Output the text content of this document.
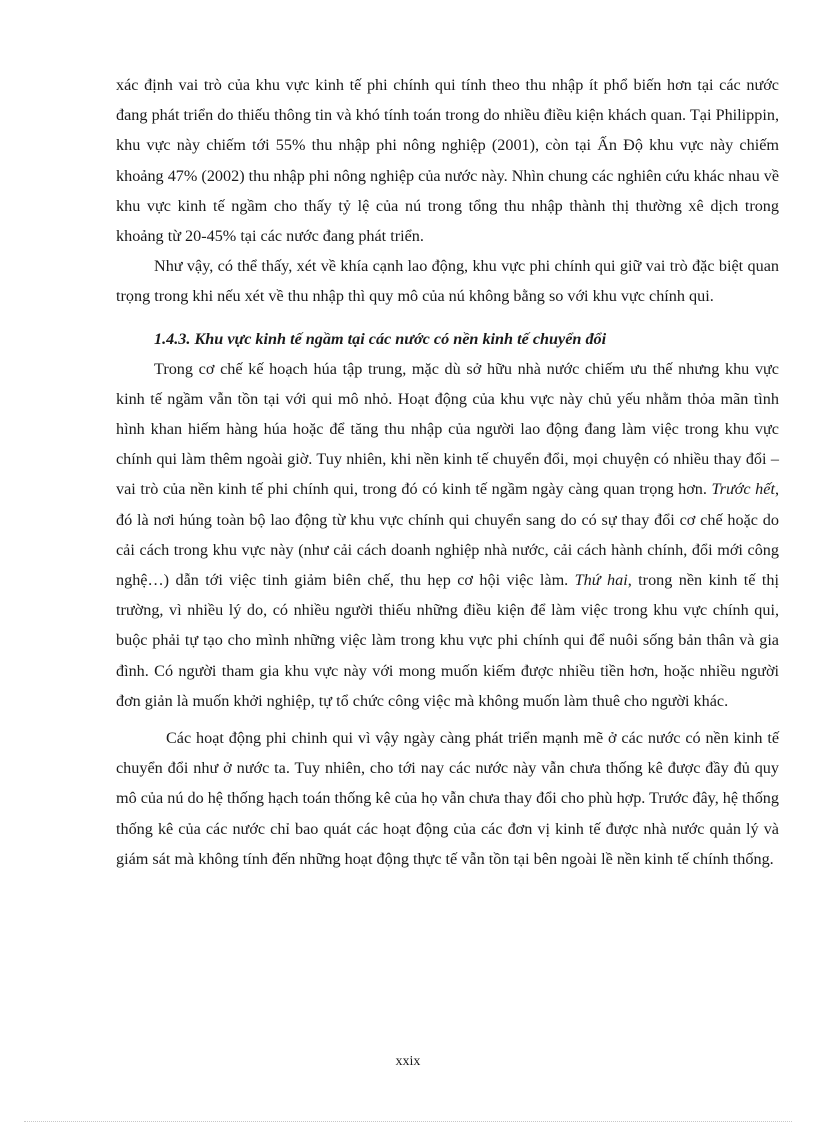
xác định vai trò của khu vực kinh tế phi chính qui tính theo thu nhập ít phổ biến hơn tại các nước đang phát triển do thiếu thông tin và khó tính toán trong do nhiều điều kiện khách quan. Tại Philippin, khu vực này chiếm tới 55% thu nhập phi nông nghiệp (2001), còn tại Ấn Độ khu vực này chiếm khoảng 47% (2002) thu nhập phi nông nghiệp của nước này. Nhìn chung các nghiên cứu khác nhau về khu vực kinh tế ngầm cho thấy tỷ lệ của nú trong tổng thu nhập thành thị thường xê dịch trong khoảng từ 20-45% tại các nước đang phát triển.

Như vậy, có thể thấy, xét về khía cạnh lao động, khu vực phi chính qui giữ vai trò đặc biệt quan trọng trong khi nếu xét về thu nhập thì quy mô của nú không bằng so với khu vực chính qui.

1.4.3. Khu vực kinh tế ngầm tại các nước có nền kinh tế chuyển đổi

Trong cơ chế kế hoạch húa tập trung, mặc dù sở hữu nhà nước chiếm ưu thế nhưng khu vực kinh tế ngầm vẫn tồn tại với qui mô nhỏ. Hoạt động của khu vực này chủ yếu nhằm thỏa mãn tình hình khan hiếm hàng húa hoặc để tăng thu nhập của người lao động đang làm việc trong khu vực chính qui làm thêm ngoài giờ. Tuy nhiên, khi nền kinh tế chuyển đổi, mọi chuyện có nhiều thay đổi – vai trò của nền kinh tế phi chính qui, trong đó có kinh tế ngầm ngày càng quan trọng hơn. Trước hết, đó là nơi húng toàn bộ lao động từ khu vực chính qui chuyển sang do có sự thay đổi cơ chế hoặc do cải cách trong khu vực này (như cải cách doanh nghiệp nhà nước, cải cách hành chính, đổi mới công nghệ…) dẫn tới việc tinh giảm biên chế, thu hẹp cơ hội việc làm. Thứ hai, trong nền kinh tế thị trường, vì nhiều lý do, có nhiều người thiếu những điều kiện để làm việc trong khu vực chính qui, buộc phải tự tạo cho mình những việc làm trong khu vực phi chính qui để nuôi sống bản thân và gia đình. Có người tham gia khu vực này với mong muốn kiếm được nhiều tiền hơn, hoặc nhiều người đơn giản là muốn khởi nghiệp, tự tổ chức công việc mà không muốn làm thuê cho người khác.

Các hoạt động phi chinh qui vì vậy ngày càng phát triển mạnh mẽ ở các nước có nền kinh tế chuyển đổi như ở nước ta. Tuy nhiên, cho tới nay các nước này vẫn chưa thống kê được đầy đủ quy mô của nú do hệ thống hạch toán thống kê của họ vẫn chưa thay đổi cho phù hợp. Trước đây, hệ thống thống kê của các nước chỉ bao quát các hoạt động của các đơn vị kinh tế được nhà nước quản lý và giám sát mà không tính đến những hoạt động thực tế vẫn tồn tại bên ngoài lề nền kinh tế chính thống.

xxix
